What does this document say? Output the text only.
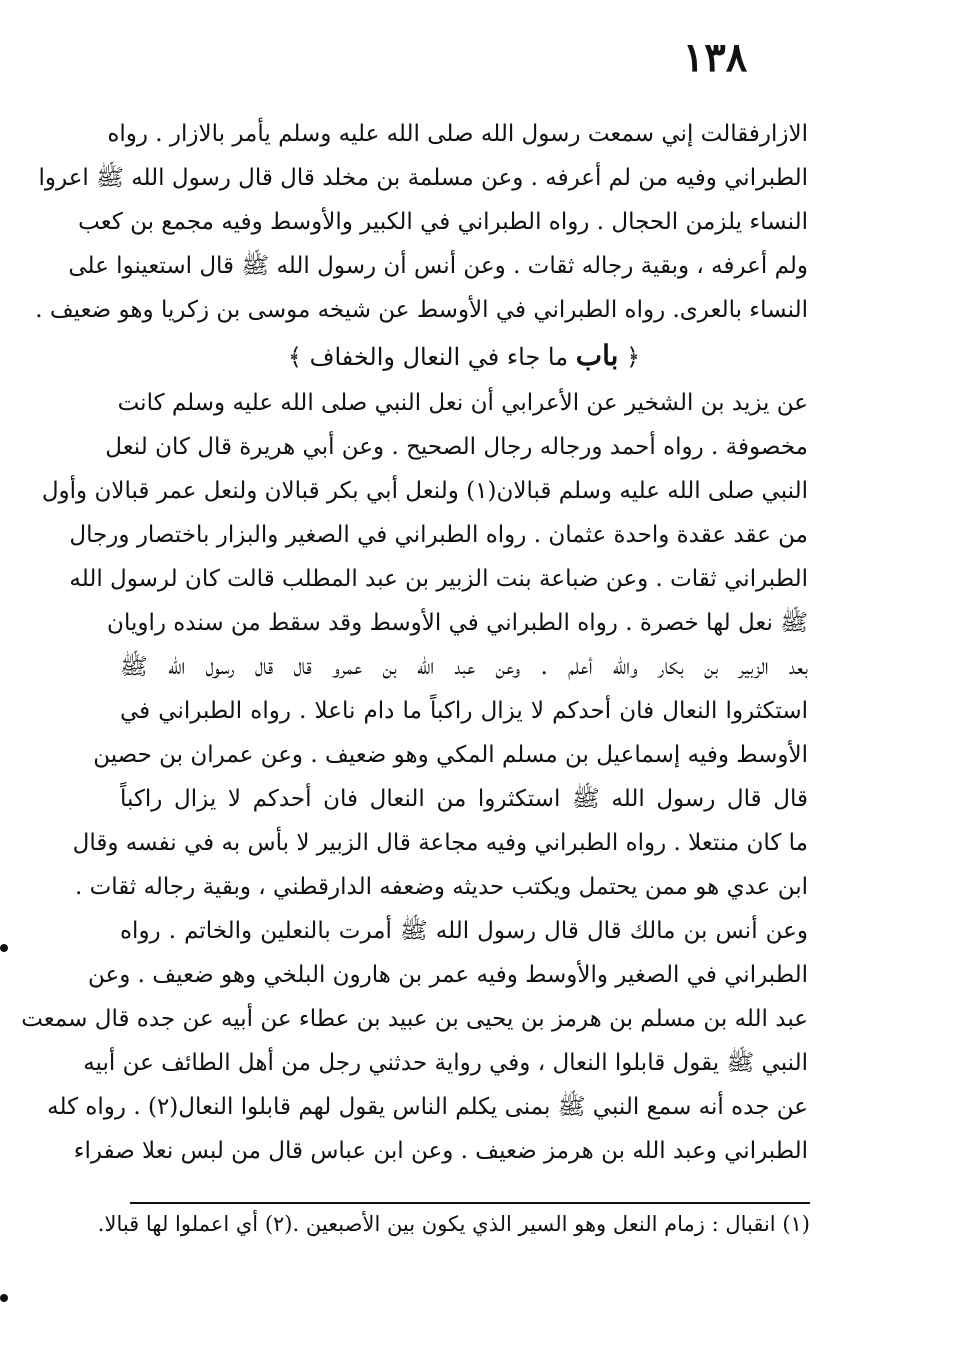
١٣٨
الازارفقالت إني سمعت رسول الله صلى الله عليه وسلم يأمر بالازار . رواه
الطبراني وفيه من لم أعرفه . وعن مسلمة بن مخلد قال قال رسول الله ﷺ اعروا
النساء يلزمن الحجال . رواه الطبراني في الكبير والأوسط وفيه مجمع بن كعب
ولم أعرفه ، وبقية رجاله ثقات . وعن أنس أن رسول الله ﷺ قال استعينوا على
النساء بالعرى. رواه الطبراني في الأوسط عن شيخه موسى بن زكريا وهو ضعيف .
﴿ باب ما جاء في النعال والخفاف ﴾
عن يزيد بن الشخير عن الأعرابي أن نعل النبي صلى الله عليه وسلم كانت
مخصوفة . رواه أحمد ورجاله رجال الصحيح . وعن أبي هريرة قال كان لنعل
النبي صلى الله عليه وسلم قبالان(١) ولنعل أبي بكر قبالان ولنعل عمر قبالان وأول
من عقد عقدة واحدة عثمان . رواه الطبراني في الصغير والبزار باختصار ورجال
الطبراني ثقات . وعن ضباعة بنت الزبير بن عبد المطلب قالت كان لرسول الله
ﷺ نعل لها خصرة . رواه الطبراني في الأوسط وقد سقط من سنده راويان
بعد الزبير بن بكار والله أعلم . وعن عبد الله بن عمرو قال قال رسول الله ﷺ
استكثروا النعال فان أحدكم لا يزال راكباً ما دام ناعلا . رواه الطبراني في
الأوسط وفيه إسماعيل بن مسلم المكي وهو ضعيف . وعن عمران بن حصين
قال قال رسول الله ﷺ استكثروا من النعال فان أحدكم لا يزال راكباً
ما كان منتعلا . رواه الطبراني وفيه مجاعة قال الزبير لا بأس به في نفسه وقال
ابن عدي هو ممن يحتمل ويكتب حديثه وضعفه الدارقطني ، وبقية رجاله ثقات .
وعن أنس بن مالك قال قال رسول الله ﷺ أمرت بالنعلين والخاتم . رواه
الطبراني في الصغير والأوسط وفيه عمر بن هارون البلخي وهو ضعيف . وعن
عبد الله بن مسلم بن هرمز بن يحيى بن عبيد بن عطاء عن أبيه عن جده قال سمعت
النبي ﷺ يقول قابلوا النعال ، وفي رواية حدثني رجل من أهل الطائف عن أبيه
عن جده أنه سمع النبي ﷺ بمنى يكلم الناس يقول لهم قابلوا النعال(٢) . رواه كله
الطبراني وعبد الله بن هرمز ضعيف . وعن ابن عباس قال من لبس نعلا صفراء
(١) انقبال : زمام النعل وهو السير الذي يكون بين الأصبعين .(٢) أي اعملوا لها قبالا.
